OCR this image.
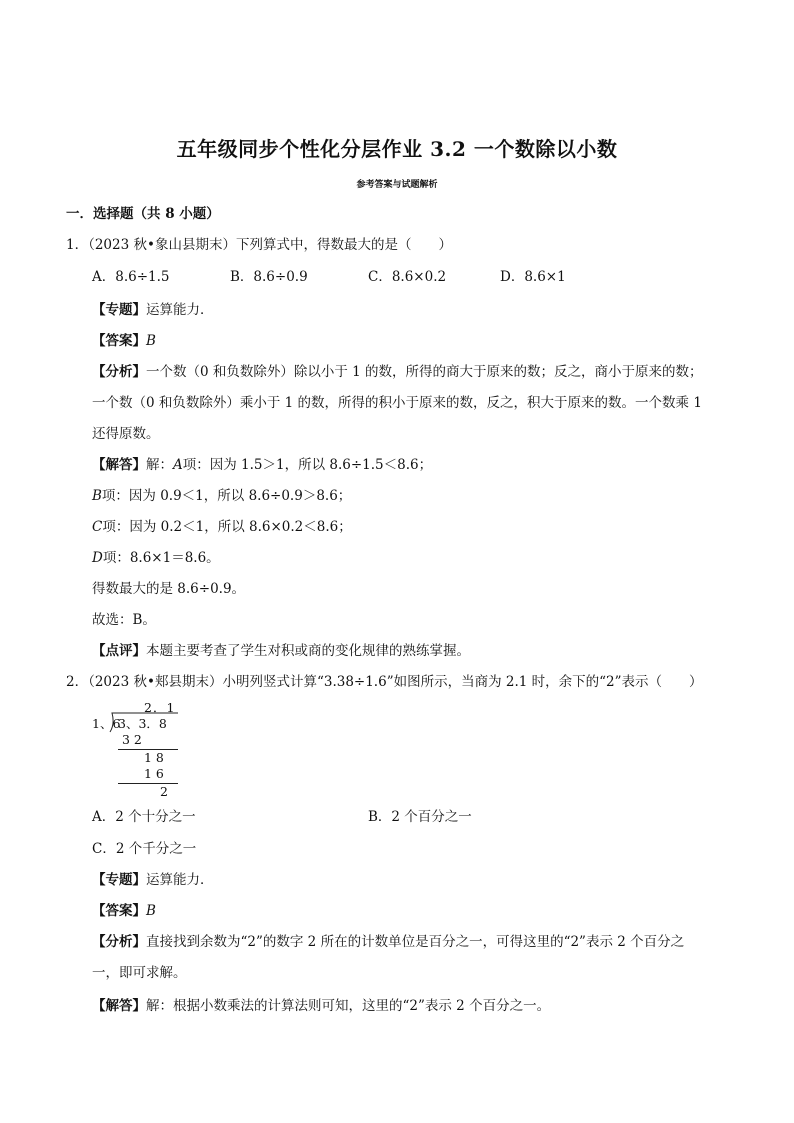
五年级同步个性化分层作业 3.2 一个数除以小数
参考答案与试题解析
一．选择题（共 8 小题）
1．（2023 秋•象山县期末）下列算式中，得数最大的是（　　）
A．8.6÷1.5	B．8.6÷0.9	C．8.6×0.2	D．8.6×1
【专题】运算能力．
【答案】B
【分析】一个数（0 和负数除外）除以小于 1 的数，所得的商大于原来的数；反之，商小于原来的数；
一个数（0 和负数除外）乘小于 1 的数，所得的积小于原来的数，反之，积大于原来的数。一个数乘 1
还得原数。
【解答】解：A项：因为 1.5＞1，所以 8.6÷1.5＜8.6；
B项：因为 0.9＜1，所以 8.6÷0.9＞8.6；
C项：因为 0.2＜1，所以 8.6×0.2＜8.6；
D项：8.6×1＝8.6。
得数最大的是 8.6÷0.9。
故选：B。
【点评】本题主要考查了学生对积或商的变化规律的熟练掌握。
2．（2023 秋•郏县期末）小明列竖式计算“3.38÷1.6”如图所示，当商为 2.1 时，余下的“2”表示（　　）
2．1
1、6
3、3．8
3 2
1 8
1 6
2
A．2 个十分之一	B．2 个百分之一
C．2 个千分之一
【专题】运算能力．
【答案】B
【分析】直接找到余数为“2”的数字 2 所在的计数单位是百分之一，可得这里的“2”表示 2 个百分之
一，即可求解。
【解答】解：根据小数乘法的计算法则可知，这里的“2”表示 2 个百分之一。
